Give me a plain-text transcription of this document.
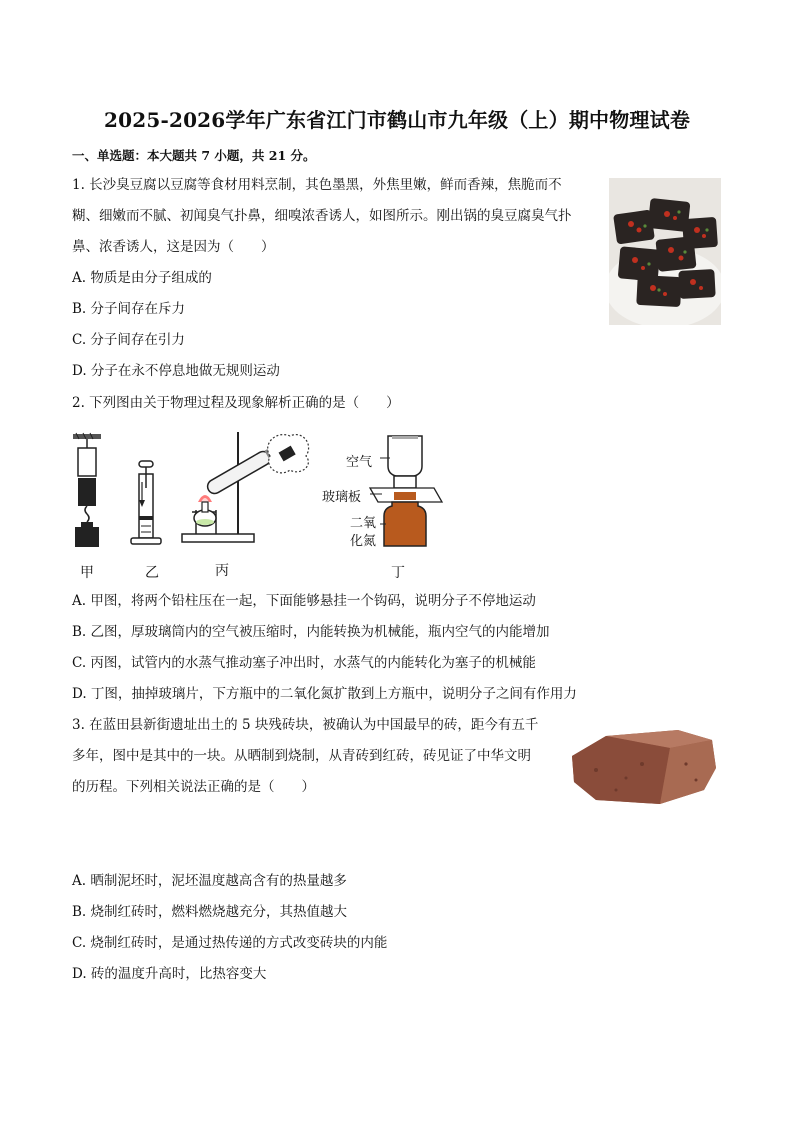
2025-2026学年广东省江门市鹤山市九年级（上）期中物理试卷
一、单选题：本大题共 7 小题，共 21 分。
1. 长沙臭豆腐以豆腐等食材用料烹制，其色墨黑，外焦里嫩，鲜而香辣，焦脆而不
糊、细嫩而不腻、初闻臭气扑鼻，细嗅浓香诱人，如图所示。刚出锅的臭豆腐臭气扑
鼻、浓香诱人，这是因为（　　）
A. 物质是由分子组成的
B. 分子间存在斥力
C. 分子间存在引力
D. 分子在永不停息地做无规则运动
2. 下列图由关于物理过程及现象解析正确的是（　　）
空气
玻璃板
二氧
化氮
甲	乙	丙	丁
A. 甲图，将两个铅柱压在一起，下面能够悬挂一个钩码，说明分子不停地运动
B. 乙图，厚玻璃筒内的空气被压缩时，内能转换为机械能，瓶内空气的内能增加
C. 丙图，试管内的水蒸气推动塞子冲出时，水蒸气的内能转化为塞子的机械能
D. 丁图，抽掉玻璃片，下方瓶中的二氧化氮扩散到上方瓶中，说明分子之间有作用力
3. 在蓝田县新街遗址出土的 5 块残砖块，被确认为中国最早的砖，距今有五千
多年，图中是其中的一块。从晒制到烧制，从青砖到红砖，砖见证了中华文明
的历程。下列相关说法正确的是（　　）
A. 晒制泥坯时，泥坯温度越高含有的热量越多
B. 烧制红砖时，燃料燃烧越充分，其热值越大
C. 烧制红砖时，是通过热传递的方式改变砖块的内能
D. 砖的温度升高时，比热容变大
